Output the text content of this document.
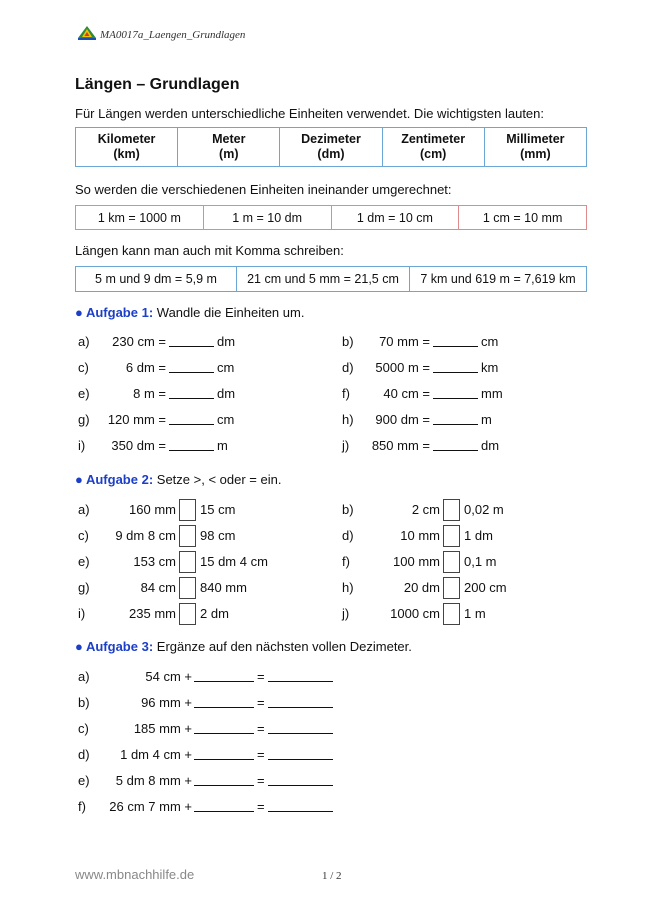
MA0017a_Laengen_Grundlagen
Längen – Grundlagen
Für Längen werden unterschiedliche Einheiten verwendet. Die wichtigsten lauten:
Kilometer
(km)

Meter
(m)

Dezimeter
(dm)

Zentimeter
(cm)

Millimeter
(mm)
So werden die verschiedenen Einheiten ineinander umgerechnet:
1 km = 1000 m	1 m = 10 dm	1 dm = 10 cm	1 cm = 10 mm
Längen kann man auch mit Komma schreiben:
5 m und 9 dm = 5,9 m	21 cm und 5 mm = 21,5 cm	7 km und 619 m = 7,619 km
● Aufgabe 1: Wandle die Einheiten um.
● Aufgabe 2: Setze >, < oder = ein.
● Aufgabe 3: Ergänze auf den nächsten vollen Dezimeter.
a)	230 cm =	dm	b)	70 mm =	cm
c)	6 dm =	cm	d)	5000 m =	km
e)	8 m =	dm	f)	40 cm =	mm
g)	120 mm =	cm	h)	900 dm =	m
i)	350 dm =	m	j)	850 mm =	dm
a)	160 mm 15 cm	b)	2 cm 0,02 m
c)	9 dm 8 cm 98 cm	d)	10 mm 1 dm
e)	153 cm 15 dm 4 cm	f)	100 mm 0,1 m
g)	84 cm 840 mm	h)	20 dm 200 cm
i)	235 mm 2 dm	j)	1000 cm 1 m
a)	54 cm +	=
b)	96 mm +	=
c)	185 mm +	=
d)	1 dm 4 cm +	=
e)	5 dm 8 mm +	=
f)	26 cm 7 mm +	=
www.mbnachhilfe.de	1 / 2
